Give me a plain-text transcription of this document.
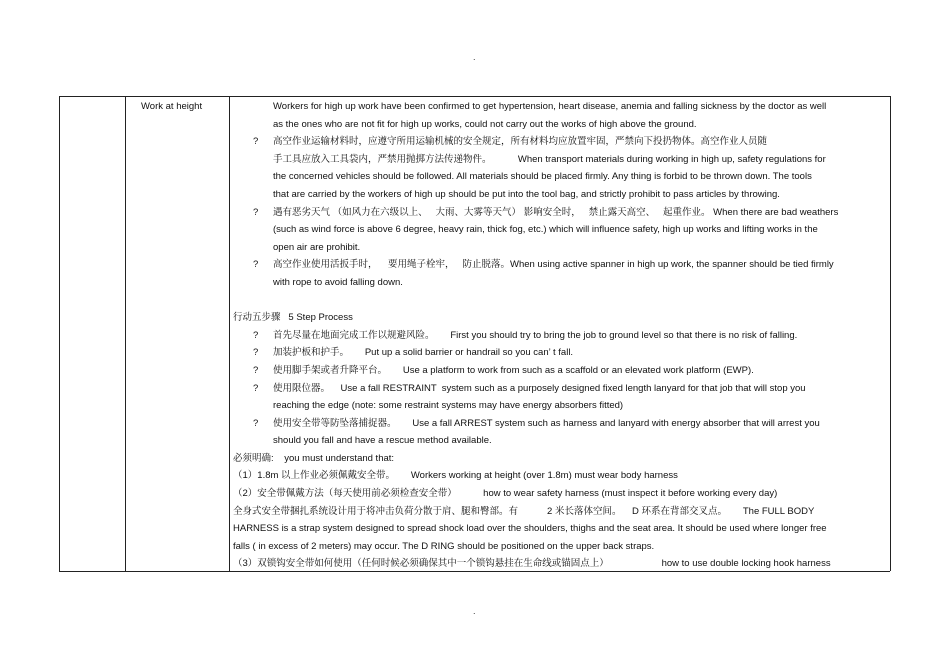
.
Work at height	Workers for high up work have been confirmed to get hypertension, heart disease, anemia and falling sickness by the doctor as well
as the ones who are not fit for high up works, could not carry out the works of high above the ground.
? 高空作业运输材料时，应遵守所用运输机械的安全规定，所有材料均应放置牢固，严禁向下投扔物体。高空作业人员随
手工具应放入工具袋内，严禁用抛掷方法传递物件。          When transport materials during working in high up, safety regulations for
the concerned vehicles should be followed. All materials should be placed firmly. Any thing is forbid to be thrown down. The tools
that are carried by the workers of high up should be put into the tool bag, and strictly prohibit to pass articles by throwing.
? 遇有恶劣天气 （如风力在六级以上、   大雨、大雾等天气） 影响安全时，   禁止露天高空、   起重作业。 When there are bad weathers
(such as wind force is above 6 degree, heavy rain, thick fog, etc.) which will influence safety, high up works and lifting works in the
open air are prohibit.
? 高空作业使用活扳手时，    要用绳子栓牢，   防止脱落。When using active spanner in high up work, the spanner should be tied firmly
with rope to avoid falling down.
行动五步骤   5 Step Process
? 首先尽量在地面完成工作以规避风险。      First you should try to bring the job to ground level so that there is no risk of falling.
? 加装护板和护手。      Put up a solid barrier or handrail so you can’ t fall.
? 使用脚手架或者升降平台。      Use a platform to work from such as a scaffold or an elevated work platform (EWP).
? 使用限位器。    Use a fall RESTRAINT  system such as a purposely designed fixed length lanyard for that job that will stop you
reaching the edge (note: some restraint systems may have energy absorbers fitted)
? 使用安全带等防坠落捕捉器。      Use a fall ARREST system such as harness and lanyard with energy absorber that will arrest you
should you fall and have a rescue method available.
必须明确:    you must understand that:
（1）1.8m 以上作业必须佩戴安全带。      Workers working at height (over 1.8m) must wear body harness
（2）安全带佩戴方法（每天使用前必须检查安全带）          how to wear safety harness (must inspect it before working every day)
全身式安全带捆扎系统设计用于将冲击负荷分散于肩、腿和臀部。有           2 米长落体空间。    D 环系在背部交叉点。      The FULL BODY
HARNESS is a strap system designed to spread shock load over the shoulders, thighs and the seat area. It should be used where longer free
falls ( in excess of 2 meters) may occur. The D RING should be positioned on the upper back straps.
（3）双锁钩安全带如何使用（任何时候必须确保其中一个锁钩悬挂在生命线或锚固点上）                    how to use double locking hook harness
.
